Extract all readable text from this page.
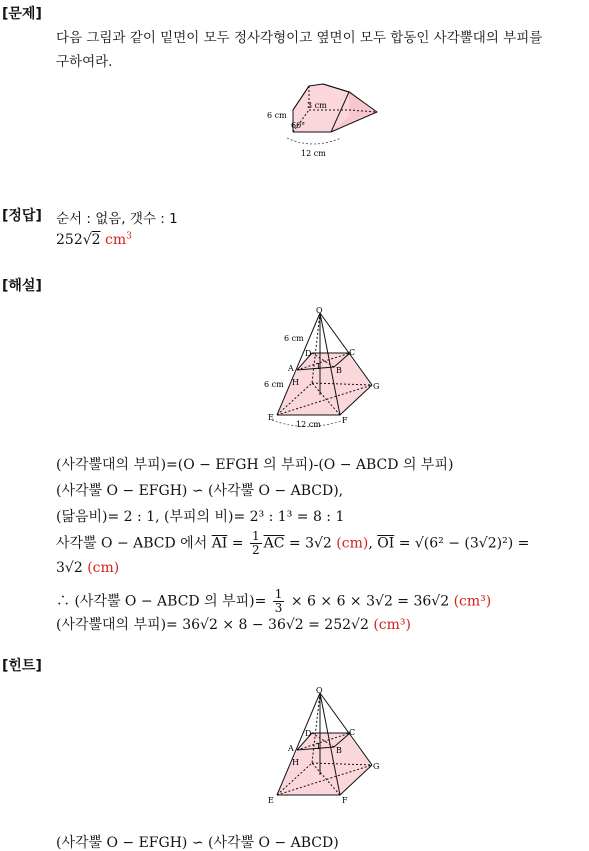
[문제]
다음 그림과 같이 밑면이 모두 정사각형이고 옆면이 모두 합동인 사각뿔대의 부피를
구하여라.
3 cm
6 cm
60°
12 cm
[정답] 순서 : 없음, 갯수 : 1
252√2 $cm^3$
[해설]
O
A	B
C
D
E	F
G
H
I
6 cm
6 cm
12 cm
(사각뿔대의 부피)=(O − EFGH 의 부피)-(O − ABCD 의 부피)
(사각뿔 O − EFGH) ∽ (사각뿔 O − ABCD),
(닮음비)= 2 : 1, (부피의 비)= 2³ : 1³ = 8 : 1
사각뿔 O − ABCD 에서 $\overline{AI} = \frac{1}{2} \overline{AC} = 3√2$ (cm), $\overline{OI} = √(6^2 - (3√2)^2)$ =
3√2 (cm)
∴ (사각뿔 O − ABCD 의 부피)= $\frac{1}{3} \times 6 \times 6 \times 3√2 = 36√2$ (cm³)
(사각뿔대의 부피)= 36√2 × 8 − 36√2 = 252√2 (cm³)
[힌트]
O
A	B
C
D
E	F
G
H
I
(사각뿔 O − EFGH) ∽ (사각뿔 O − ABCD)
